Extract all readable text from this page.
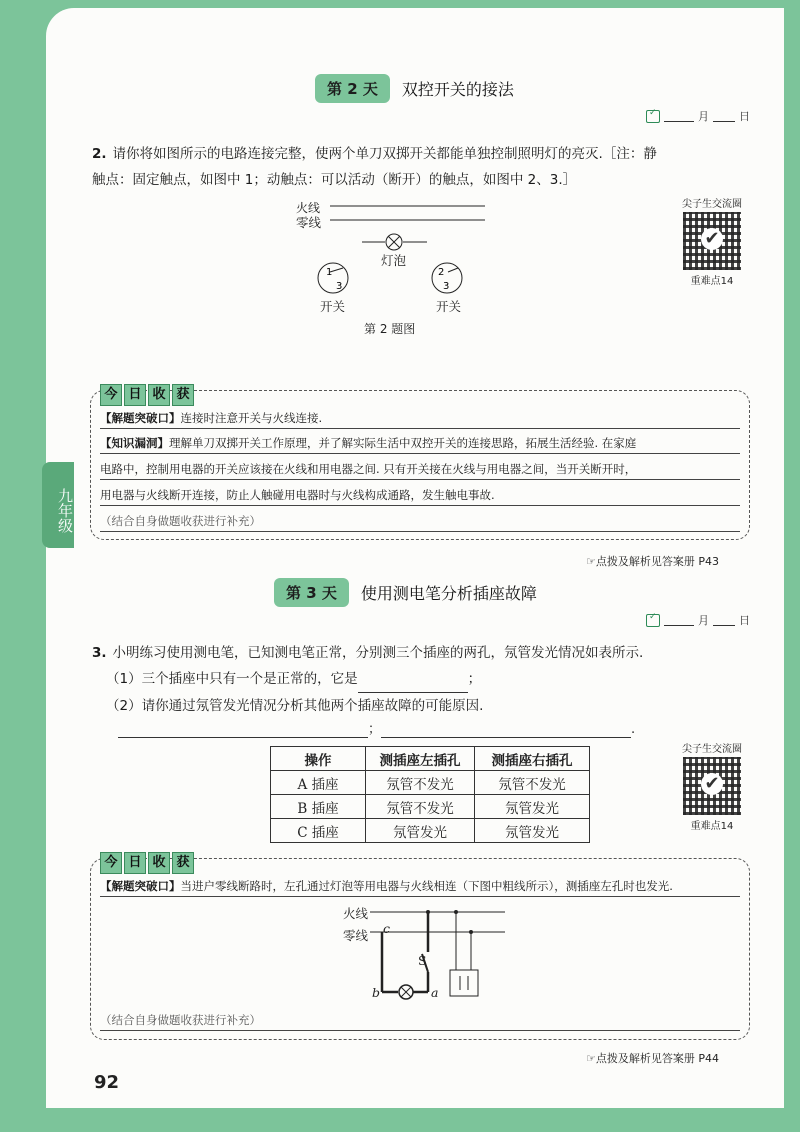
九年级
第 2 天	双控开关的接法
✓
月	日
2. 请你将如图所示的电路连接完整，使两个单刀双掷开关都能单独控制照明灯的亮灭.［注：静
触点：固定触点，如图中 1；动触点：可以活动（断开）的触点，如图中 2、3.］
1
3
2
3
火线
零线
灯泡
开关	开关
第 2 题图
尖子生交流圈
✔
重难点14
今 日 收 获
【解题突破口】连接时注意开关与火线连接.
【知识漏洞】理解单刀双掷开关工作原理，并了解实际生活中双控开关的连接思路，拓展生活经验. 在家庭
电路中，控制用电器的开关应该接在火线和用电器之间. 只有开关接在火线与用电器之间，当开关断开时，
用电器与火线断开连接，防止人触碰用电器时与火线构成通路，发生触电事故.
（结合自身做题收获进行补充）
☞点拨及解析见答案册 P43
第 3 天	使用测电笔分析插座故障
✓
月	日
3. 小明练习使用测电笔，已知测电笔正常，分别测三个插座的两孔，氖管发光情况如表所示.
（1）三个插座中只有一个是正常的，它是	；
（2）请你通过氖管发光情况分析其他两个插座故障的可能原因.
；	.
操作	测插座左插孔	测插座右插孔
A 插座	氖管不发光	氖管不发光
B 插座	氖管不发光	氖管发光
C 插座	氖管发光	氖管发光
尖子生交流圈
✔
重难点14
今 日 收 获
【解题突破口】当进户零线断路时，左孔通过灯泡等用电器与火线相连（下图中粗线所示），测插座左孔时也发光.
火线
零线 c
S
b	a
（结合自身做题收获进行补充）
☞点拨及解析见答案册 P44
92
